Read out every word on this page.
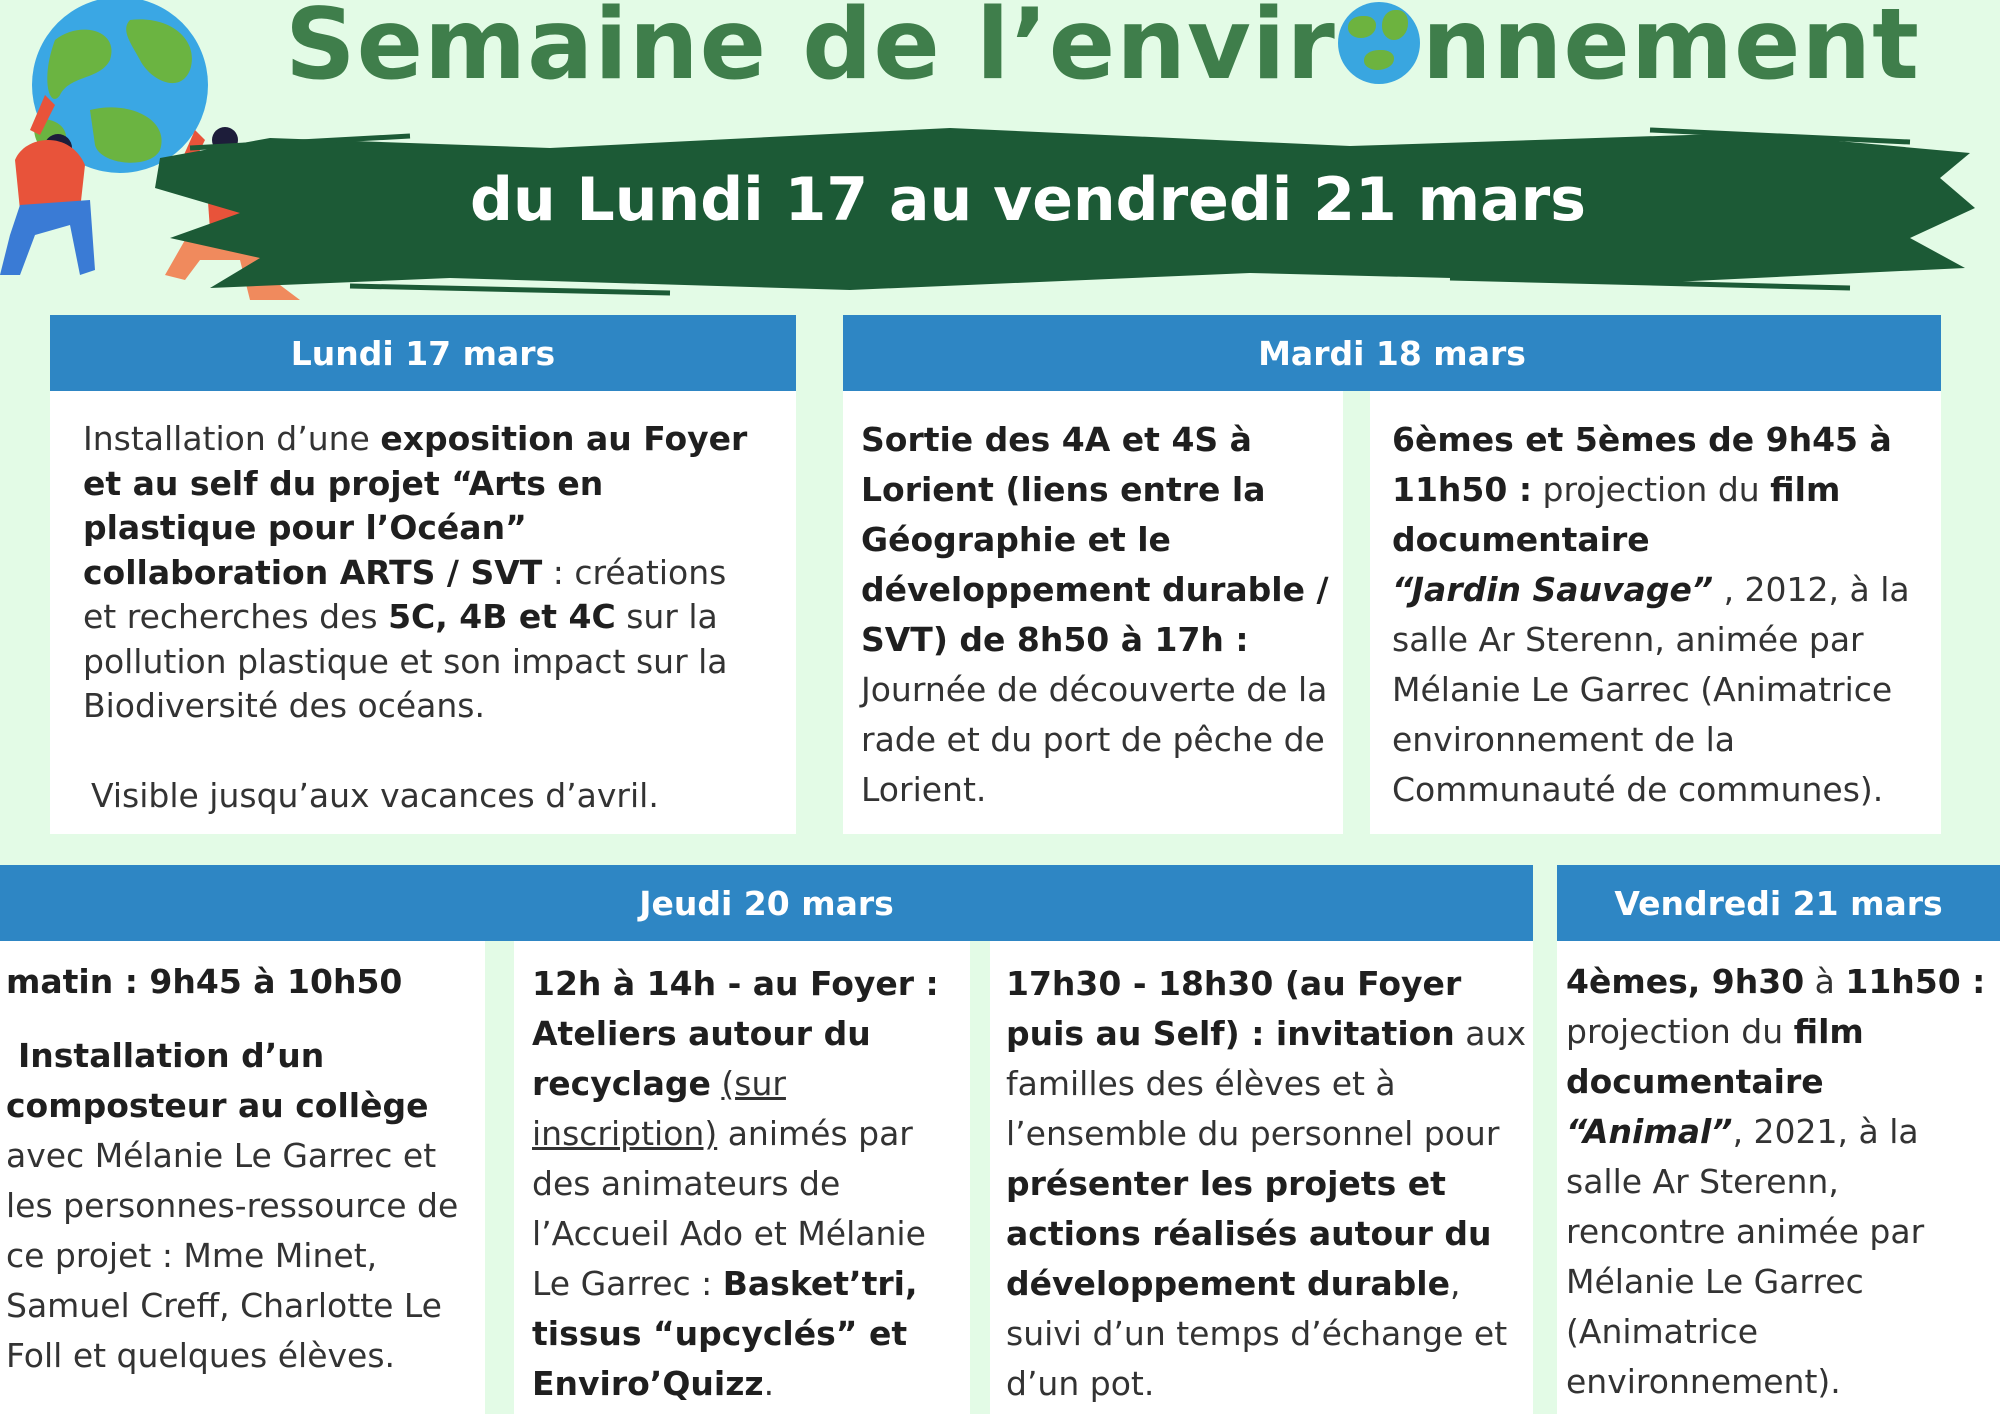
Semaine de l’envir nnement
du Lundi 17 au vendredi 21 mars
Lundi 17 mars

Installation d’une exposition au Foyer et au self du projet “Arts en plastique pour l’Océan” collaboration ARTS / SVT : créations et recherches des 5C, 4B et 4C sur la pollution plastique et son impact sur la Biodiversité des océans.

Visible jusqu’aux vacances d’avril.

Mardi 18 mars

Sortie des 4A et 4S à Lorient (liens entre la Géographie et le développement durable / SVT) de 8h50 à 17h : Journée de découverte de la rade et du port de pêche de Lorient.

6èmes et 5èmes de 9h45 à 11h50 : projection du film documentaire
“Jardin Sauvage” , 2012, à la salle Ar Sterenn, animée par Mélanie Le Garrec (Animatrice environnement de la Communauté de communes).

Jeudi 20 mars

matin : 9h45 à 10h50

Installation d’un composteur au collège avec Mélanie Le Garrec et les personnes-ressource de ce projet : Mme Minet, Samuel Creff, Charlotte Le Foll et quelques élèves.

12h à 14h - au Foyer : Ateliers autour du recyclage (sur inscription) animés par des animateurs de l’Accueil Ado et Mélanie Le Garrec : Basket’tri, tissus “upcyclés” et Enviro’Quizz.

17h30 - 18h30 (au Foyer puis au Self) : invitation aux familles des élèves et à l’ensemble du personnel pour présenter les projets et actions réalisés autour du développement durable, suivi d’un temps d’échange et d’un pot.

Vendredi 21 mars

4èmes, 9h30 à 11h50 : projection du film documentaire
“Animal”, 2021, à la salle Ar Sterenn, rencontre animée par Mélanie Le Garrec (Animatrice environnement).
